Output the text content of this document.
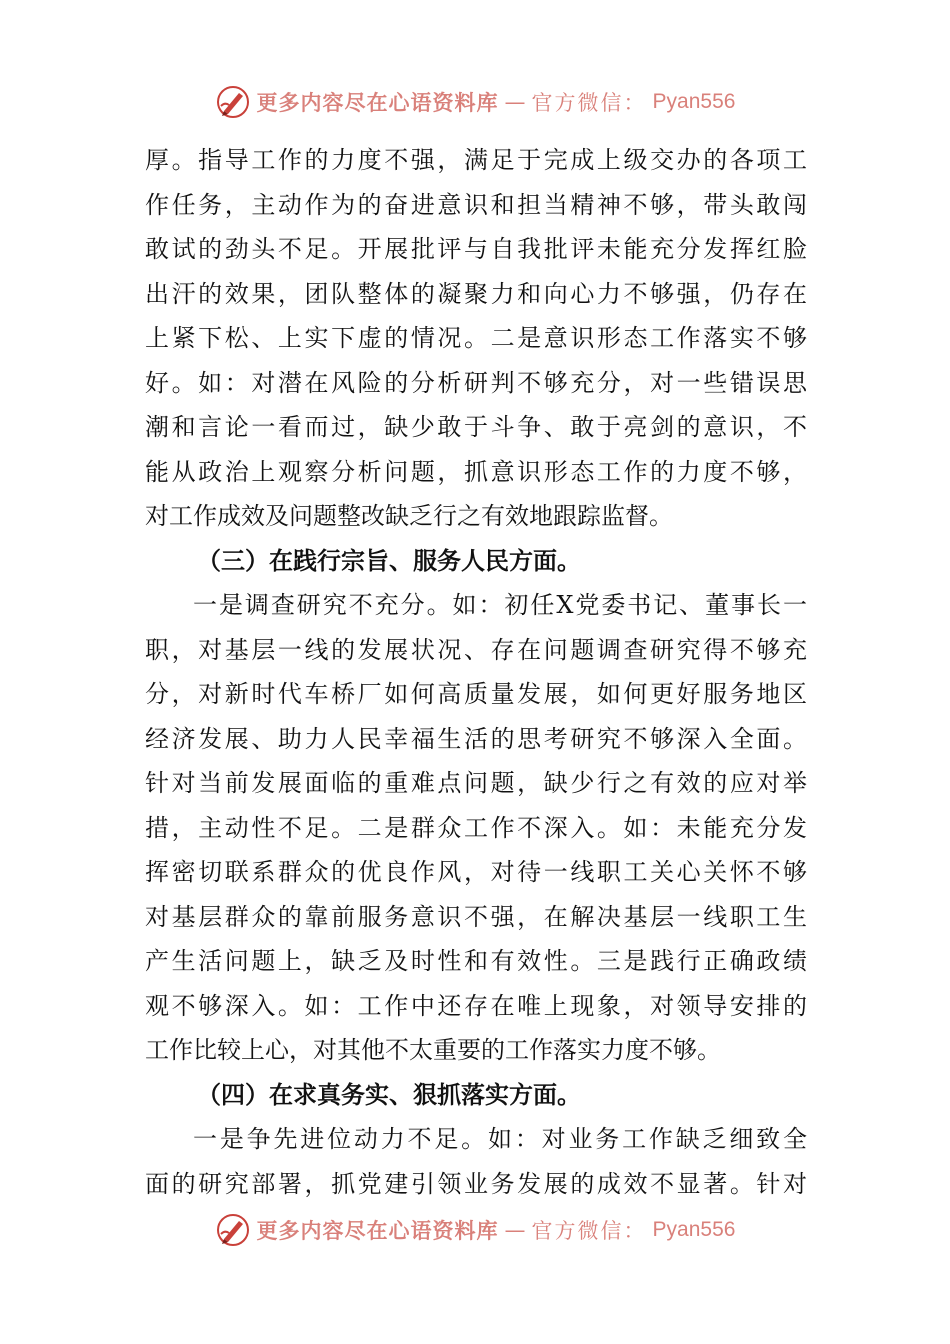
更多内容尽在心语资料库 — 官方微信： Pyan556
厚。指导工作的力度不强，满足于完成上级交办的各项工
作任务，主动作为的奋进意识和担当精神不够，带头敢闯
敢试的劲头不足。开展批评与自我批评未能充分发挥红脸
出汗的效果，团队整体的凝聚力和向心力不够强，仍存在
上紧下松、上实下虚的情况。二是意识形态工作落实不够
好。如：对潜在风险的分析研判不够充分，对一些错误思
潮和言论一看而过，缺少敢于斗争、敢于亮剑的意识，不
能从政治上观察分析问题，抓意识形态工作的力度不够，
对工作成效及问题整改缺乏行之有效地跟踪监督。
（三）在践行宗旨、服务人民方面。
一是调查研究不充分。如：初任X党委书记、董事长一
职，对基层一线的发展状况、存在问题调查研究得不够充
分，对新时代车桥厂如何高质量发展，如何更好服务地区
经济发展、助力人民幸福生活的思考研究不够深入全面。
针对当前发展面临的重难点问题，缺少行之有效的应对举
措，主动性不足。二是群众工作不深入。如：未能充分发
挥密切联系群众的优良作风，对待一线职工关心关怀不够
对基层群众的靠前服务意识不强，在解决基层一线职工生
产生活问题上，缺乏及时性和有效性。三是践行正确政绩
观不够深入。如：工作中还存在唯上现象，对领导安排的
工作比较上心，对其他不太重要的工作落实力度不够。
（四）在求真务实、狠抓落实方面。
一是争先进位动力不足。如：对业务工作缺乏细致全
面的研究部署，抓党建引领业务发展的成效不显著。针对
更多内容尽在心语资料库 — 官方微信： Pyan556
